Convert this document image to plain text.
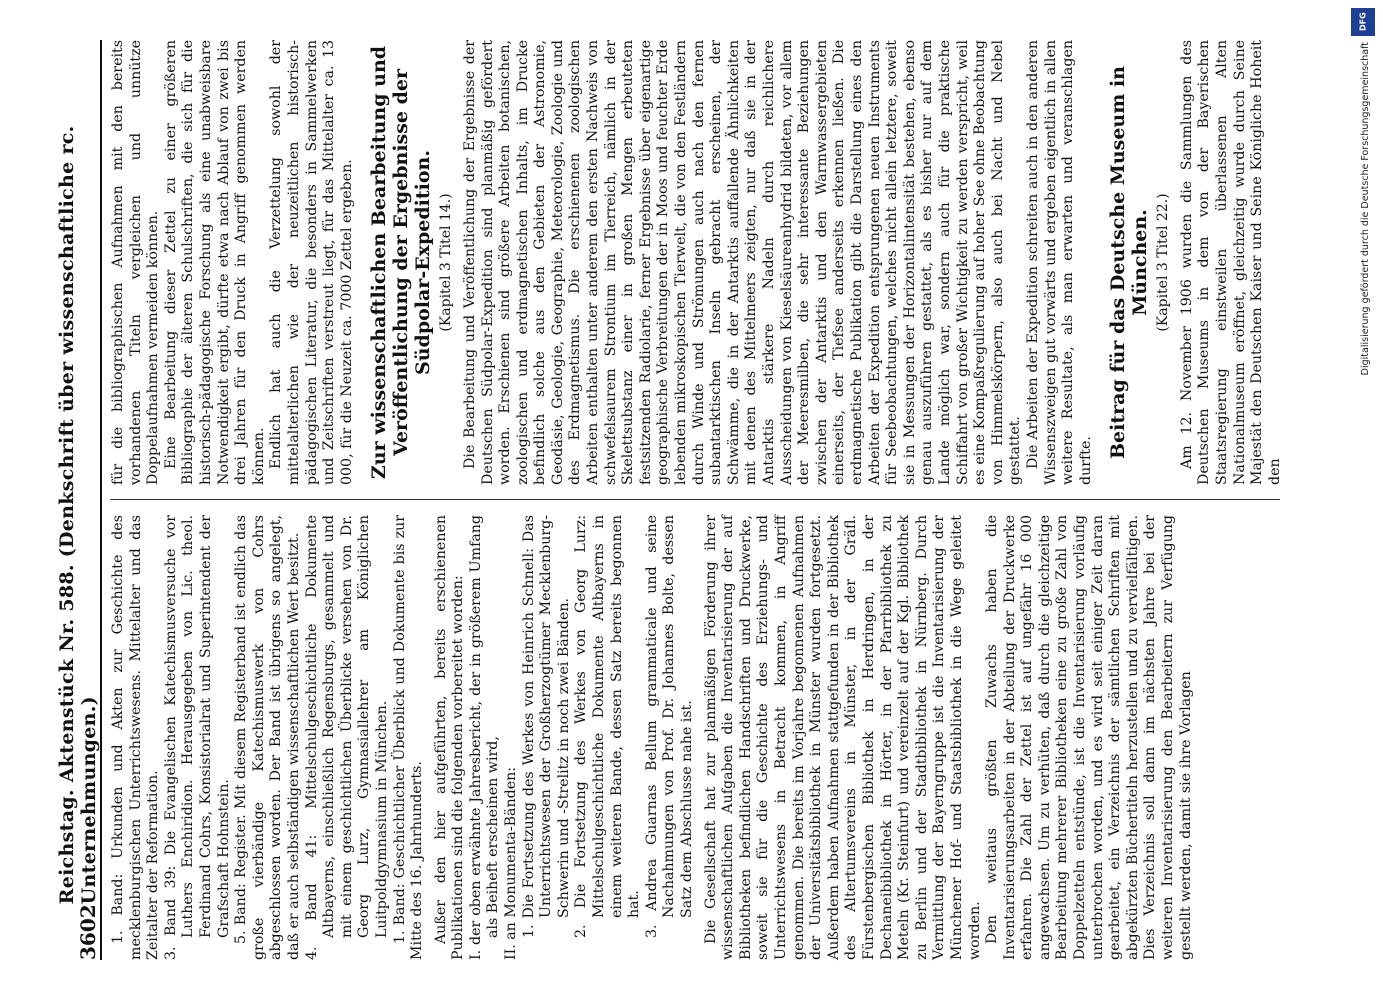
3602
Reichstag. Aktenstück Nr. 588. (Denkschrift über wissenschaftliche rc. Unternehmungen.) 1. Band: Urkunden und Akten zur Geschichte des mecklenburgischen Unterrichtswesens. Mittelalter und das Zeitalter der Reformation. 3. Band 39: Die Evangelischen Katechismusversuche vor Luthers Enchiridion. Herausgegeben von Lic. theol. Ferdinand Cohrs, Konsistorialrat und Superintendent der Grafschaft Hohnstein. 5. Band: Register. Mit diesem Registerband ist endlich das große vierbändige Katechismuswerk von Cohrs abgeschlossen worden. Der Band ist übrigens so angelegt, daß er auch selbständigen wissenschaftlichen Wert besitzt. 4. Band 41: Mittelschulgeschichtliche Dokumente Altbayerns, einschließlich Regensburgs, gesammelt und mit einem geschichtlichen Überblicke versehen von Dr. Georg Lurz, Gymnasiallehrer am Königlichen Luitpoldgymnasium in München. 1. Band: Geschichtlicher Überblick und Dokumente bis zur Mitte des 16. Jahrhunderts. Außer den hier aufgeführten, bereits erschienenen Publikationen sind die folgenden vorbereitet worden: I. der oben erwähnte Jahresbericht, der in größerem Umfang als Beiheft erscheinen wird, II. an Monumenta-Bänden: 1. Die Fortsetzung des Werkes von Heinrich Schnell: Das Unterrichtswesen der Großherzogtümer Mecklenburg-Schwerin und -Strelitz in noch zwei Bänden. 2. Die Fortsetzung des Werkes von Georg Lurz: Mittelschulgeschichtliche Dokumente Altbayerns in einem weiteren Bande, dessen Satz bereits begonnen hat. 3. Andrea Guarnas Bellum grammaticale und seine Nachahmungen von Prof. Dr. Johannes Bolte, dessen Satz dem Abschlusse nahe ist. Die Gesellschaft hat zur planmäßigen Förderung ihrer wissenschaftlichen Aufgaben die Inventarisierung der auf Bibliotheken befindlichen Handschriften und Druckwerke, soweit sie für die Geschichte des Erziehungs- und Unterrichtswesens in Betracht kommen, in Angriff genommen. Die bereits im Vorjahre begonnenen Aufnahmen der Universitätsbibliothek in Münster wurden fortgesetzt. Außerdem haben Aufnahmen stattgefunden in der Bibliothek des Altertumsvereins in Münster, in der Gräfl. Fürstenbergischen Bibliothek in Herdringen, in der Dechaneibibliothek in Hörter, in der Pfarrbibliothek zu Meteln (Kr. Steinfurt) und vereinzelt auf der Kgl. Bibliothek zu Berlin und der Stadtbibliothek in Nürnberg. Durch Vermittlung der Bayerngruppe ist die Inventarisierung der Münchener Hof- und Staatsbibliothek in die Wege geleitet worden. Den weitaus größten Zuwachs haben die Inventarisierungsarbeiten in der Abteilung der Druckwerke erfahren. Die Zahl der Zettel ist auf ungefähr 16 000 angewachsen. Um zu verhüten, daß durch die gleichzeitige Bearbeitung mehrerer Bibliotheken eine zu große Zahl von Doppelzetteln entstünde, ist die Inventarisierung vorläufig unterbrochen worden, und es wird seit einiger Zeit daran gearbeitet, ein Verzeichnis der sämtlichen Schriften mit abgekürzten Büchertiteln herzustellen und zu vervielfältigen. Dies Verzeichnis soll dann im nächsten Jahre bei der weiteren Inventarisierung den Bearbeitern zur Verfügung gestellt werden, damit sie ihre Vorlagen

für die bibliographischen Aufnahmen mit den bereits vorhandenen Titeln vergleichen und unnütze Doppelaufnahmen vermeiden können. Eine Bearbeitung dieser Zettel zu einer größeren Bibliographie der älteren Schulschriften, die sich für die historisch-pädagogische Forschung als eine unabweisbare Notwendigkeit ergibt, dürfte etwa nach Ablauf von zwei bis drei Jahren für den Druck in Angriff genommen werden können. Endlich hat auch die Verzettelung sowohl der mittelalterlichen wie der neuzeitlichen historisch-pädagogischen Literatur, die besonders in Sammelwerken und Zeitschriften verstreut liegt, für das Mittelalter ca. 13 000, für die Neuzeit ca. 7000 Zettel ergeben. Zur wissenschaftlichen Bearbeitung und Veröffentlichung der Ergebnisse der Südpolar-Expedition. (Kapitel 3 Titel 14.) Die Bearbeitung und Veröffentlichung der Ergebnisse der Deutschen Südpolar-Expedition sind planmäßig gefördert worden. Erschienen sind größere Arbeiten botanischen, zoologischen und erdmagnetischen Inhalts, im Drucke befindlich solche aus den Gebieten der Astronomie, Geodäsie, Geologie, Geographie, Meteorologie, Zoologie und des Erdmagnetismus. Die erschienenen zoologischen Arbeiten enthalten unter anderem den ersten Nachweis von schwefelsaurem Strontium im Tierreich, nämlich in der Skelettsubstanz einer in großen Mengen erbeuteten festsitzenden Radiolarie, ferner Ergebnisse über eigenartige geographische Verbreitungen der in Moos und feuchter Erde lebenden mikroskopischen Tierwelt, die von den Festländern durch Winde und Strömungen auch nach den fernen subantarktischen Inseln gebracht erscheinen, der Schwämme, die in der Antarktis auffallende Ähnlichkeiten mit denen des Mittelmeers zeigten, nur daß sie in der Antarktis stärkere Nadeln durch reichlichere Ausscheidungen von Kieselsäureanhydrid bildeten, vor allem der Meeresmilben, die sehr interessante Beziehungen zwischen der Antarktis und den Warmwassergebieten einerseits, der Tiefsee anderseits erkennen ließen. Die erdmagnetische Publikation gibt die Darstellung eines den Arbeiten der Expedition entsprungenen neuen Instruments für Seebeobachtungen, welches nicht allein letztere, soweit sie in Messungen der Horizontalintensität bestehen, ebenso genau auszuführen gestattet, als es bisher nur auf dem Lande möglich war, sondern auch für die praktische Schiffahrt von großer Wichtigkeit zu werden verspricht, weil es eine Kompaßregulierung auf hoher See ohne Beobachtung von Himmelskörpern, also auch bei Nacht und Nebel gestattet. Die Arbeiten der Expedition schreiten auch in den anderen Wissenszweigen gut vorwärts und ergeben eigentlich in allen weitere Resultate, als man erwarten und veranschlagen durfte.

Beitrag für das Deutsche Museum in München. (Kapitel 3 Titel 22.) Am 12. November 1906 wurden die Sammlungen des Deutschen Museums in dem von der Bayerischen Staatsregierung einstweilen überlassenen Alten Nationalmuseum eröffnet, gleichzeitig wurde durch Seine Majestät den Deutschen Kaiser und Seine Königliche Hoheit den

DFG
Digitalisierung gefördert durch die Deutsche Forschungsgemeinschaft
